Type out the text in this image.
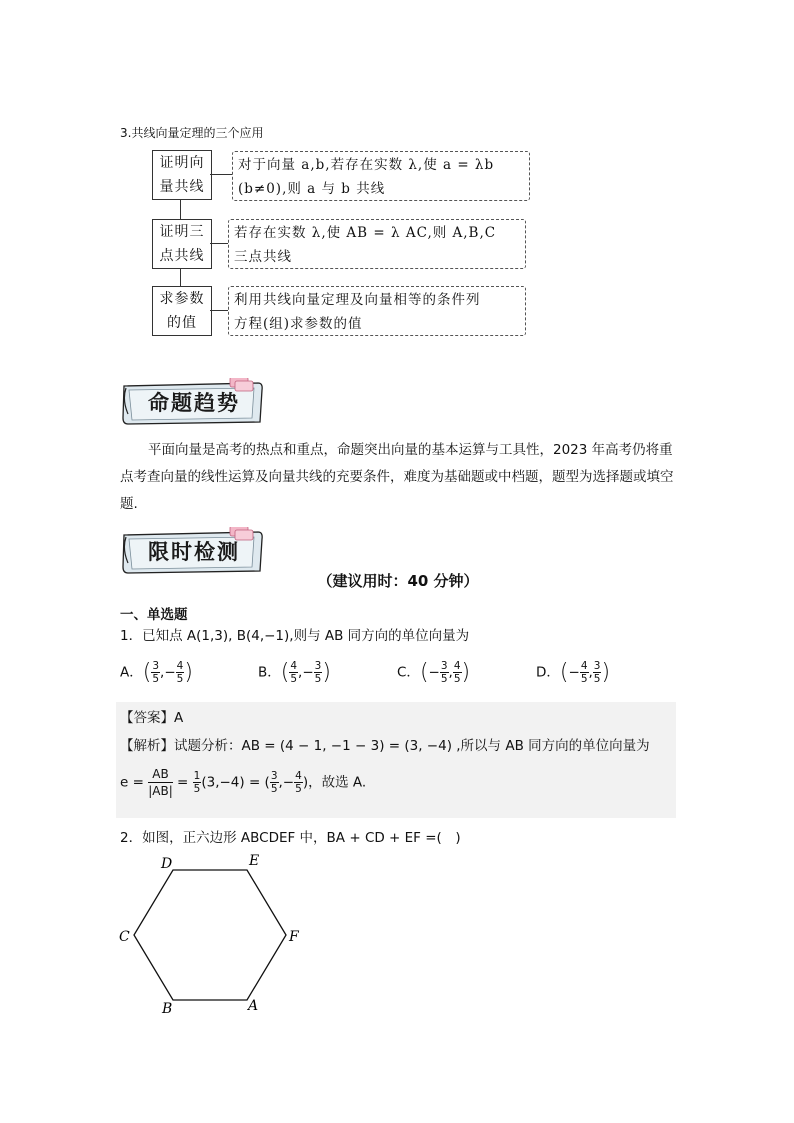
3.共线向量定理的三个应用
证明向
量共线
对于向量 a,b,若存在实数 λ,使 a = λb
(b≠0),则 a 与 b 共线
证明三
点共线
若存在实数 λ,使 AB = λ AC,则 A,B,C
三点共线
求参数
的值
利用共线向量定理及向量相等的条件列
方程(组)求参数的值
命题趋势
平面向量是高考的热点和重点，命题突出向量的基本运算与工具性，2023 年高考仍将重点考查向量的线性运算及向量共线的充要条件，难度为基础题或中档题，题型为选择题或填空题.
限时检测
（建议用时：40 分钟）
一、单选题
1．已知点 A(1,3), B(4,−1),则与 AB 同方向的单位向量为
A．( $\frac{3}{5}$ ,− $\frac{4}{5}$ )	B．( $\frac{4}{5}$ ,− $\frac{3}{5}$ )	C．(− $\frac{3}{5}$ , $\frac{4}{5}$ )	D．(− $\frac{4}{5}$ , $\frac{3}{5}$ )
【答案】A
【解析】试题分析：AB = (4 − 1, −1 − 3) = (3, −4) ,所以与 AB 同方向的单位向量为
$e = \frac{AB}{|AB|} = \frac{1}{5} (3,-4)$ = ( $\frac{3}{5}$ ,− $\frac{4}{5}$ )，故选 A.
2．如图，正六边形 ABCDEF 中，BA + CD + EF =(　)
D	E
C	F
B	A
